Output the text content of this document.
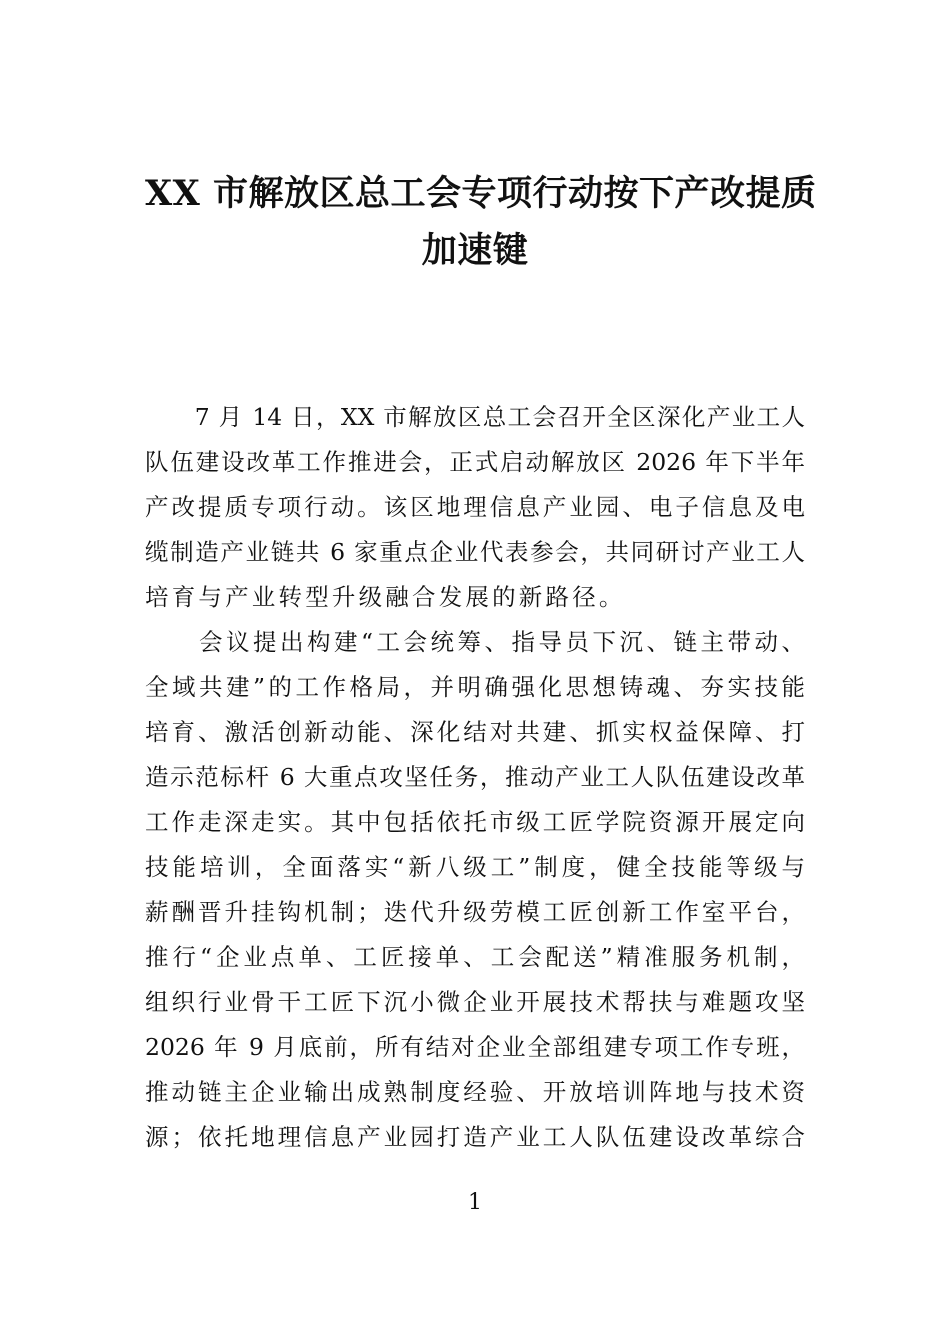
XX 市解放区总工会专项行动按下产改提质
加速键
　　7 月 14 日，XX 市解放区总工会召开全区深化产业工人
队伍建设改革工作推进会，正式启动解放区 2026 年下半年
产改提质专项行动。该区地理信息产业园、电子信息及电
缆制造产业链共 6 家重点企业代表参会，共同研讨产业工人
培育与产业转型升级融合发展的新路径。
　　会议提出构建“工会统筹、指导员下沉、链主带动、
全域共建”的工作格局，并明确强化思想铸魂、夯实技能
培育、激活创新动能、深化结对共建、抓实权益保障、打
造示范标杆 6 大重点攻坚任务，推动产业工人队伍建设改革
工作走深走实。其中包括依托市级工匠学院资源开展定向
技能培训，全面落实“新八级工”制度，健全技能等级与
薪酬晋升挂钩机制；迭代升级劳模工匠创新工作室平台，
推行“企业点单、工匠接单、工会配送”精准服务机制，
组织行业骨干工匠下沉小微企业开展技术帮扶与难题攻坚
2026 年 9 月底前，所有结对企业全部组建专项工作专班，
推动链主企业输出成熟制度经验、开放培训阵地与技术资
源；依托地理信息产业园打造产业工人队伍建设改革综合
1
